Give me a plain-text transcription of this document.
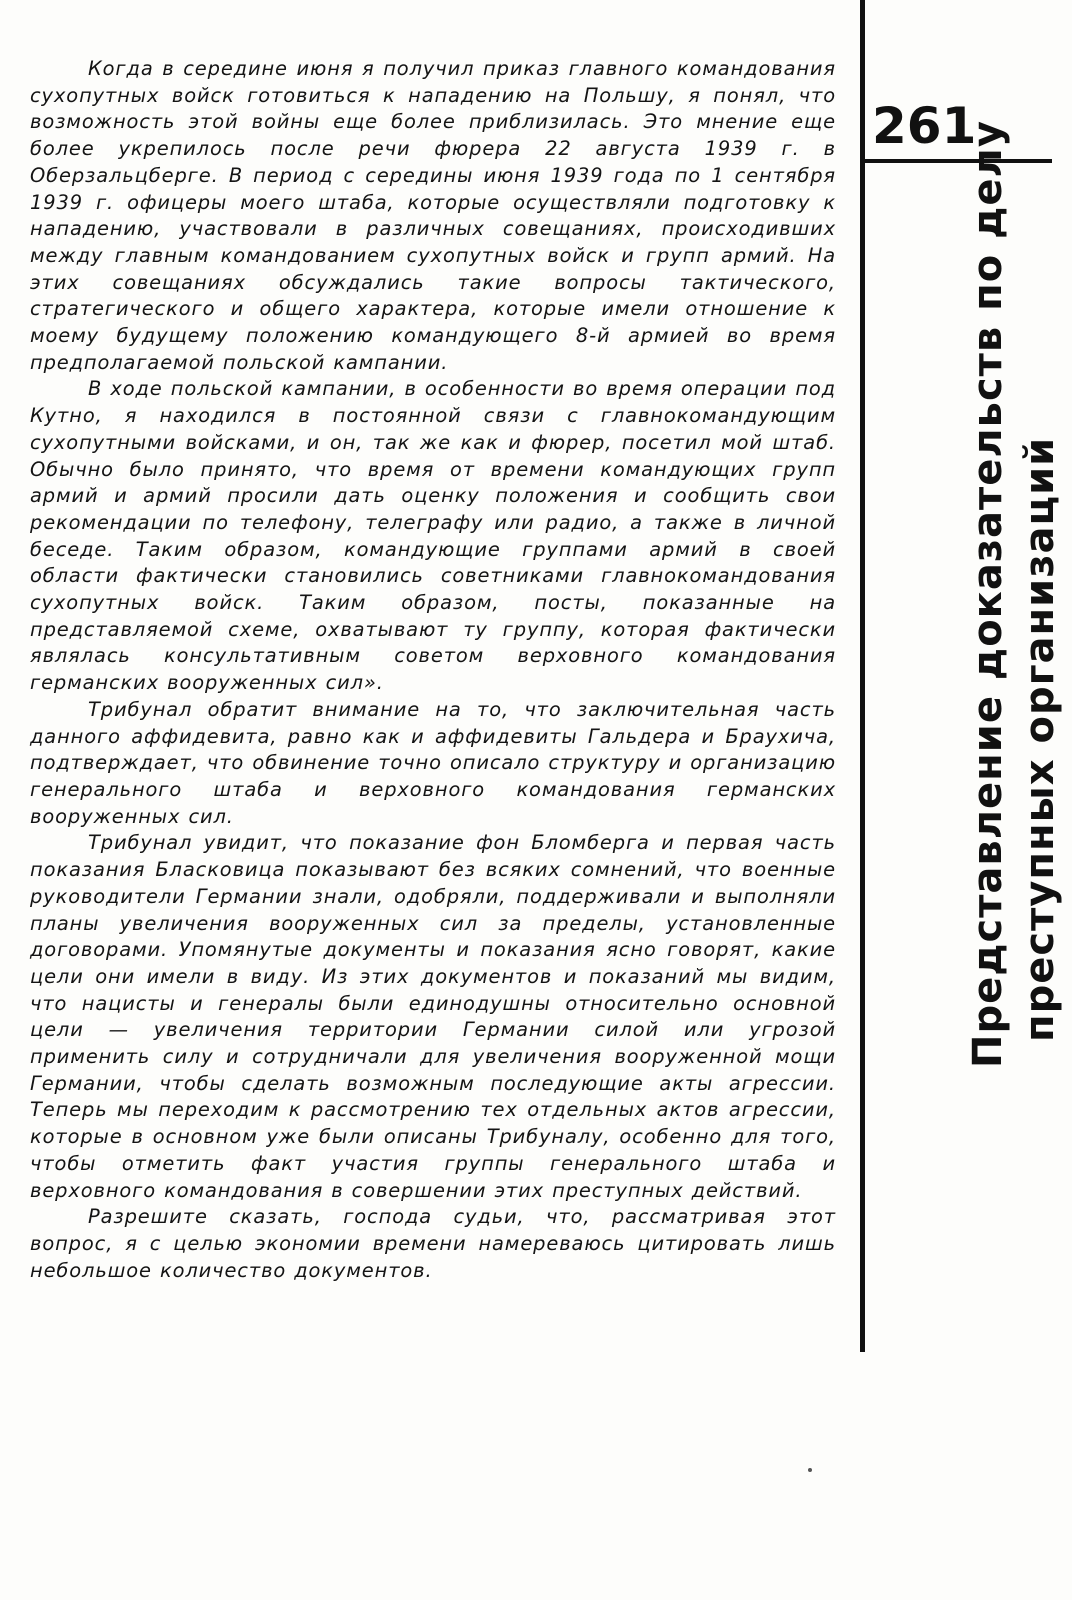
Когда в середине июня я получил приказ главного командования сухопутных войск готовиться к нападению на Польшу, я понял, что возможность этой войны еще более приблизилась. Это мнение еще более укрепилось после речи фюрера 22 августа 1939 г. в Оберзальцберге. В период с середины июня 1939 года по 1 сентября 1939 г. офицеры моего штаба, которые осуществляли подготовку к нападению, участвовали в различных совещаниях, происходивших между главным командованием сухопутных войск и групп армий. На этих совещаниях обсуждались такие вопросы тактического, стратегического и общего характера, которые имели отношение к моему будущему положению командующего 8-й армией во время предполагаемой польской кампании.

В ходе польской кампании, в особенности во время операции под Кутно, я находился в постоянной связи с главнокомандующим сухопутными войсками, и он, так же как и фюрер, посетил мой штаб. Обычно было принято, что время от времени командующих групп армий и армий просили дать оценку положения и сообщить свои рекомендации по телефону, телеграфу или радио, а также в личной беседе. Таким образом, командующие группами армий в своей области фактически становились советниками главнокомандования сухопутных войск. Таким образом, посты, показанные на представляемой схеме, охватывают ту группу, которая фактически являлась консультативным советом верховного командования германских вооруженных сил».

Трибунал обратит внимание на то, что заключительная часть данного аффидевита, равно как и аффидевиты Гальдера и Браухича, подтверждает, что обвинение точно описало структуру и организацию генерального штаба и верховного командования германских вооруженных сил.

Трибунал увидит, что показание фон Бломберга и первая часть показания Бласковица показывают без всяких сомнений, что военные руководители Германии знали, одобряли, поддерживали и выполняли планы увеличения вооруженных сил за пределы, установленные договорами. Упомянутые документы и показания ясно говорят, какие цели они имели в виду. Из этих документов и показаний мы видим, что нацисты и генералы были единодушны относительно основной цели — увеличения территории Германии силой или угрозой применить силу и сотрудничали для увеличения вооруженной мощи Германии, чтобы сделать возможным последующие акты агрессии. Теперь мы переходим к рассмотрению тех отдельных актов агрессии, которые в основном уже были описаны Трибуналу, особенно для того, чтобы отметить факт участия группы генерального штаба и верховного командования в совершении этих преступных действий.

Разрешите сказать, господа судьи, что, рассматривая этот вопрос, я с целью экономии времени намереваюсь цитировать лишь небольшое количество документов.

261
Представление доказательств по делу преступных организаций
